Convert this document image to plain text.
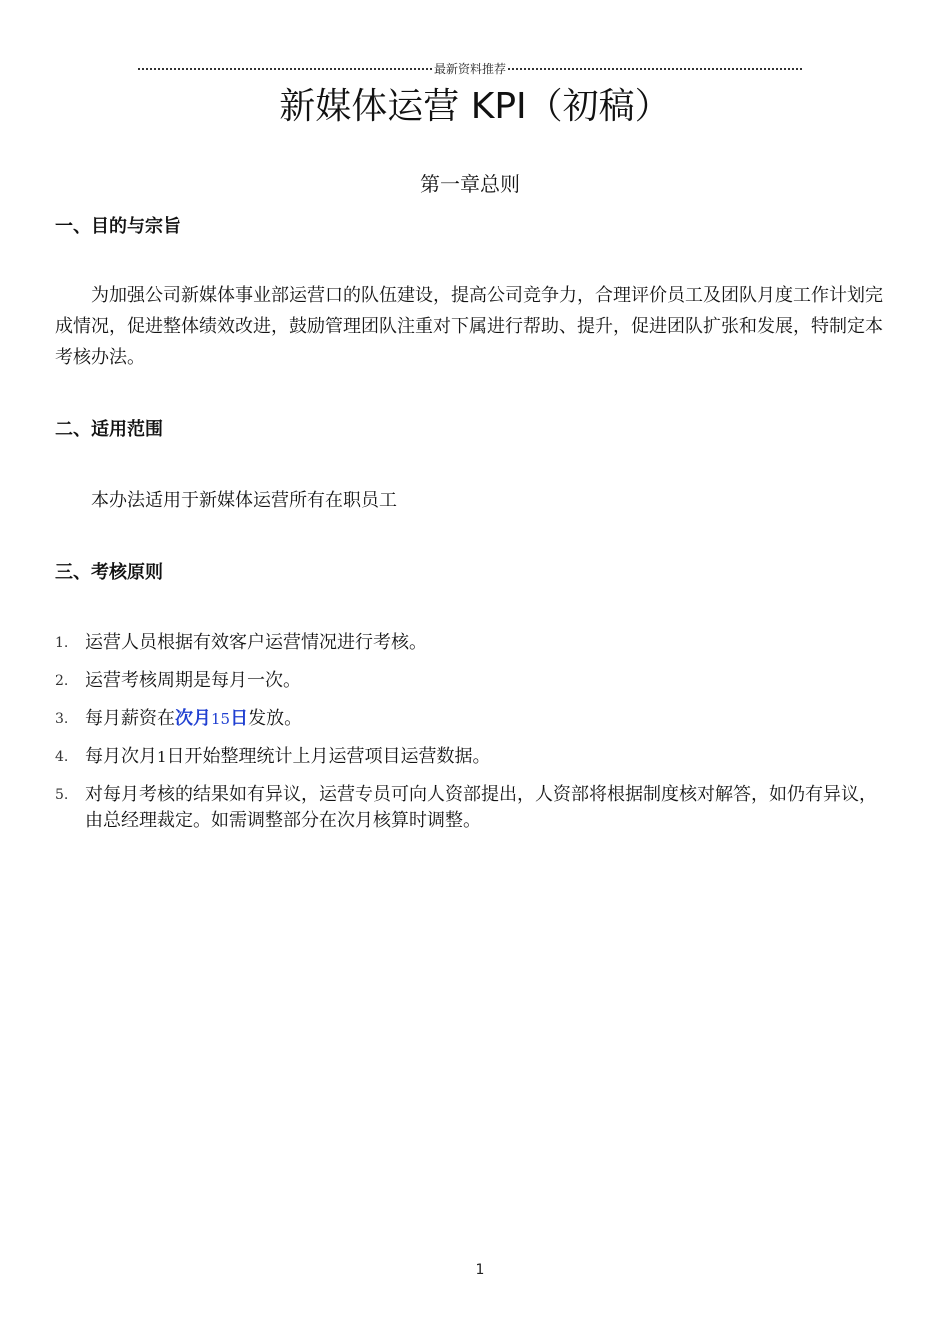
最新资料推荐
新媒体运营 KPI（初稿）
第一章总则
一、目的与宗旨

为加强公司新媒体事业部运营口的队伍建设，提高公司竞争力，合理评价员工及团队月度工作计划完成情况，促进整体绩效改进，鼓励管理团队注重对下属进行帮助、提升，促进团队扩张和发展，特制定本考核办法。

二、适用范围
本办法适用于新媒体运营所有在职员工
三、考核原则
1. 运营人员根据有效客户运营情况进行考核。
2. 运营考核周期是每月一次。
3. 每月薪资在次月15日发放。
4. 每月次月1日开始整理统计上月运营项目运营数据。
5. 对每月考核的结果如有异议，运营专员可向人资部提出，人资部将根据制度核对解答，如仍有异议，由总经理裁定。如需调整部分在次月核算时调整。
1
